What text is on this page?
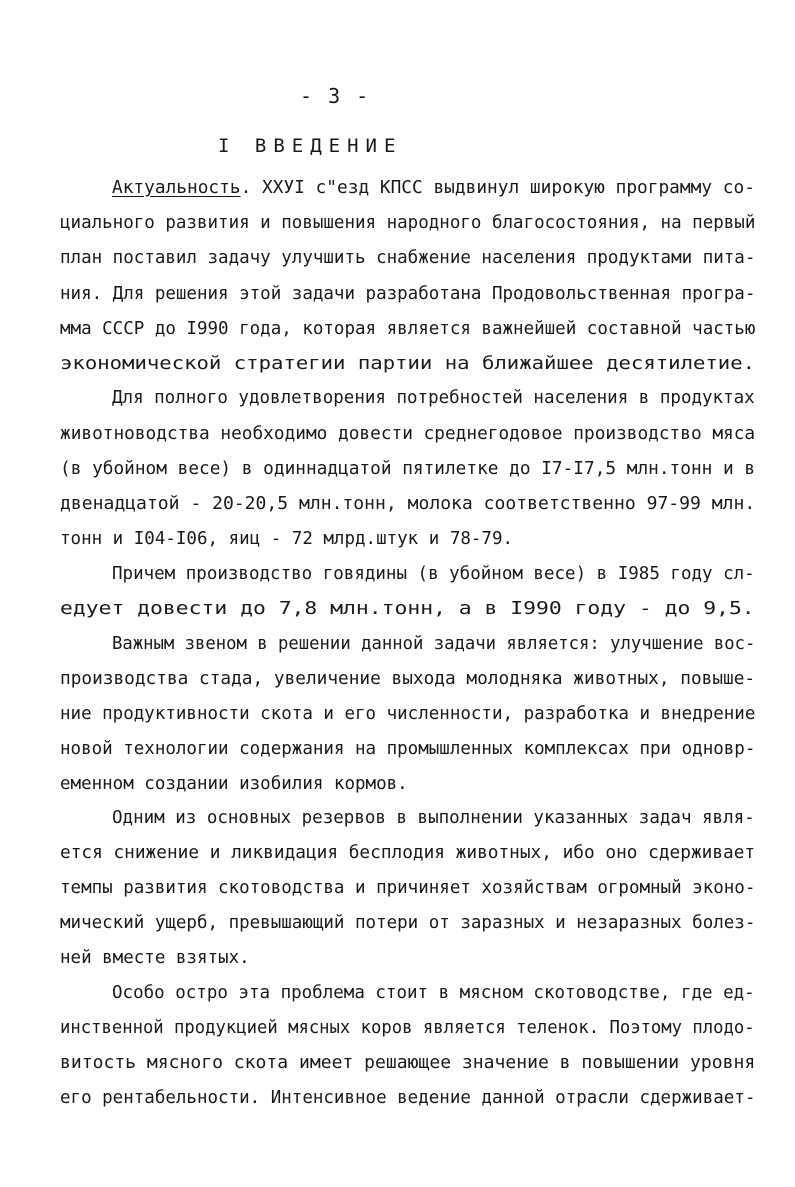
- 3 -
I ВВЕДЕНИЕ
Актуальность. ХХУI с"езд КПСС выдвинул широкую программу со-
циального развития и повышения народного благосостояния, на первый
план поставил задачу улучшить снабжение населения продуктами пита-
ния. Для решения этой задачи разработана Продовольственная програ-
мма СССР до I990 года, которая является важнейшей составной частью
экономической стратегии партии на ближайшее десятилетие.
Для полного удовлетворения потребностей населения в продуктах
животноводства необходимо довести среднегодовое производство мяса
(в убойном весе) в одиннадцатой пятилетке до I7-I7,5 млн.тонн и в
двенадцатой - 20-20,5 млн.тонн, молока соответственно 97-99 млн.
тонн и I04-I06, яиц - 72 млрд.штук и 78-79.
Причем производство говядины (в убойном весе) в I985 году сл-
едует довести до 7,8 млн.тонн, а в I990 году - до 9,5.
Важным звеном в решении данной задачи является: улучшение вос-
производства стада, увеличение выхода молодняка животных, повыше-
ние продуктивности скота и его численности, разработка и внедрение
новой технологии содержания на промышленных комплексах при одновр-
еменном создании изобилия кормов.
Одним из основных резервов в выполнении указанных задач явля-
ется снижение и ликвидация бесплодия животных, ибо оно сдерживает
темпы развития скотоводства и причиняет хозяйствам огромный эконо-
мический ущерб, превышающий потери от заразных и незаразных болез-
ней вместе взятых.
Особо остро эта проблема стоит в мясном скотоводстве, где ед-
инственной продукцией мясных коров является теленок. Поэтому плодо-
витость мясного скота имеет решающее значение в повышении уровня
его рентабельности. Интенсивное ведение данной отрасли сдерживает-
